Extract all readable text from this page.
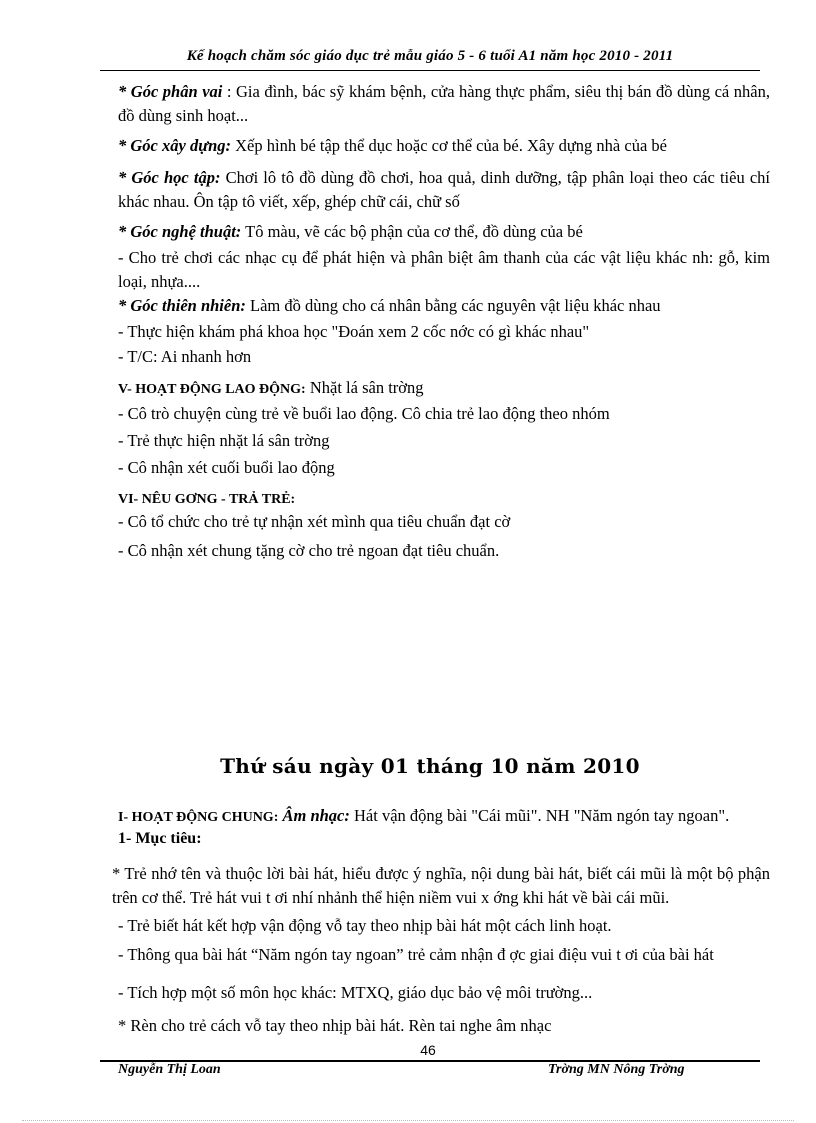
Kế hoạch chăm sóc giáo dục trẻ mẫu giáo 5 - 6 tuổi A1 năm học 2010 - 2011

* Góc phân vai : Gia đình, bác sỹ khám bệnh, cửa hàng thực phẩm, siêu thị bán đồ dùng cá nhân, đồ dùng sinh hoạt...

* Góc xây dựng: Xếp hình bé tập thể dục hoặc cơ thể của bé. Xây dựng nhà của bé

* Góc học tập: Chơi lô tô đồ dùng đồ chơi, hoa quả, dinh dưỡng, tập phân loại theo các tiêu chí khác nhau. Ôn tập tô viết, xếp, ghép chữ cái, chữ số

* Góc nghệ thuật: Tô màu, vẽ các bộ phận của cơ thể, đồ dùng của bé

- Cho trẻ chơi các nhạc cụ để phát hiện và phân biệt âm thanh của các vật liệu khác nh: gỗ, kim loại, nhựa....

* Góc thiên nhiên: Làm đồ dùng cho cá nhân bằng các nguyên vật liệu khác nhau

- Thực hiện khám phá khoa học "Đoán xem 2 cốc nớc có gì khác nhau"

- T/C: Ai nhanh hơn

V- HOẠT ĐỘNG LAO ĐỘNG: Nhặt lá sân trờng

- Cô trò chuyện cùng trẻ về buổi lao động. Cô chia trẻ lao động theo nhóm

- Trẻ thực hiện nhặt lá sân trờng

- Cô nhận xét cuối buổi lao động

VI- NÊU GƠNG - TRẢ TRẺ:

- Cô tổ chức cho trẻ tự nhận xét mình qua tiêu chuẩn đạt cờ

- Cô nhận xét chung tặng cờ cho trẻ ngoan đạt tiêu chuẩn.

Thứ sáu ngày 01 tháng 10 năm 2010

I- HOẠT ĐỘNG CHUNG: Âm nhạc: Hát vận động bài "Cái mũi". NH "Năm ngón tay ngoan".

1- Mục tiêu:

* Trẻ nhớ tên và thuộc lời bài hát, hiểu được ý nghĩa, nội dung bài hát, biết cái mũi là một bộ phận trên cơ thể. Trẻ hát vui t ơi nhí nhảnh thể hiện niềm vui x ớng khi hát về bài cái mũi.

- Trẻ biết hát kết hợp vận động vỗ tay theo nhịp bài hát một cách linh hoạt.

- Thông qua bài hát “Năm ngón tay ngoan” trẻ cảm nhận đ ợc giai điệu vui t ơi của bài hát

- Tích hợp một số môn học khác: MTXQ, giáo dục bảo vệ môi trường...

* Rèn cho trẻ cách vỗ tay theo nhịp bài hát. Rèn tai nghe âm nhạc

46
Nguyễn Thị Loan	Trờng MN Nông Trờng
